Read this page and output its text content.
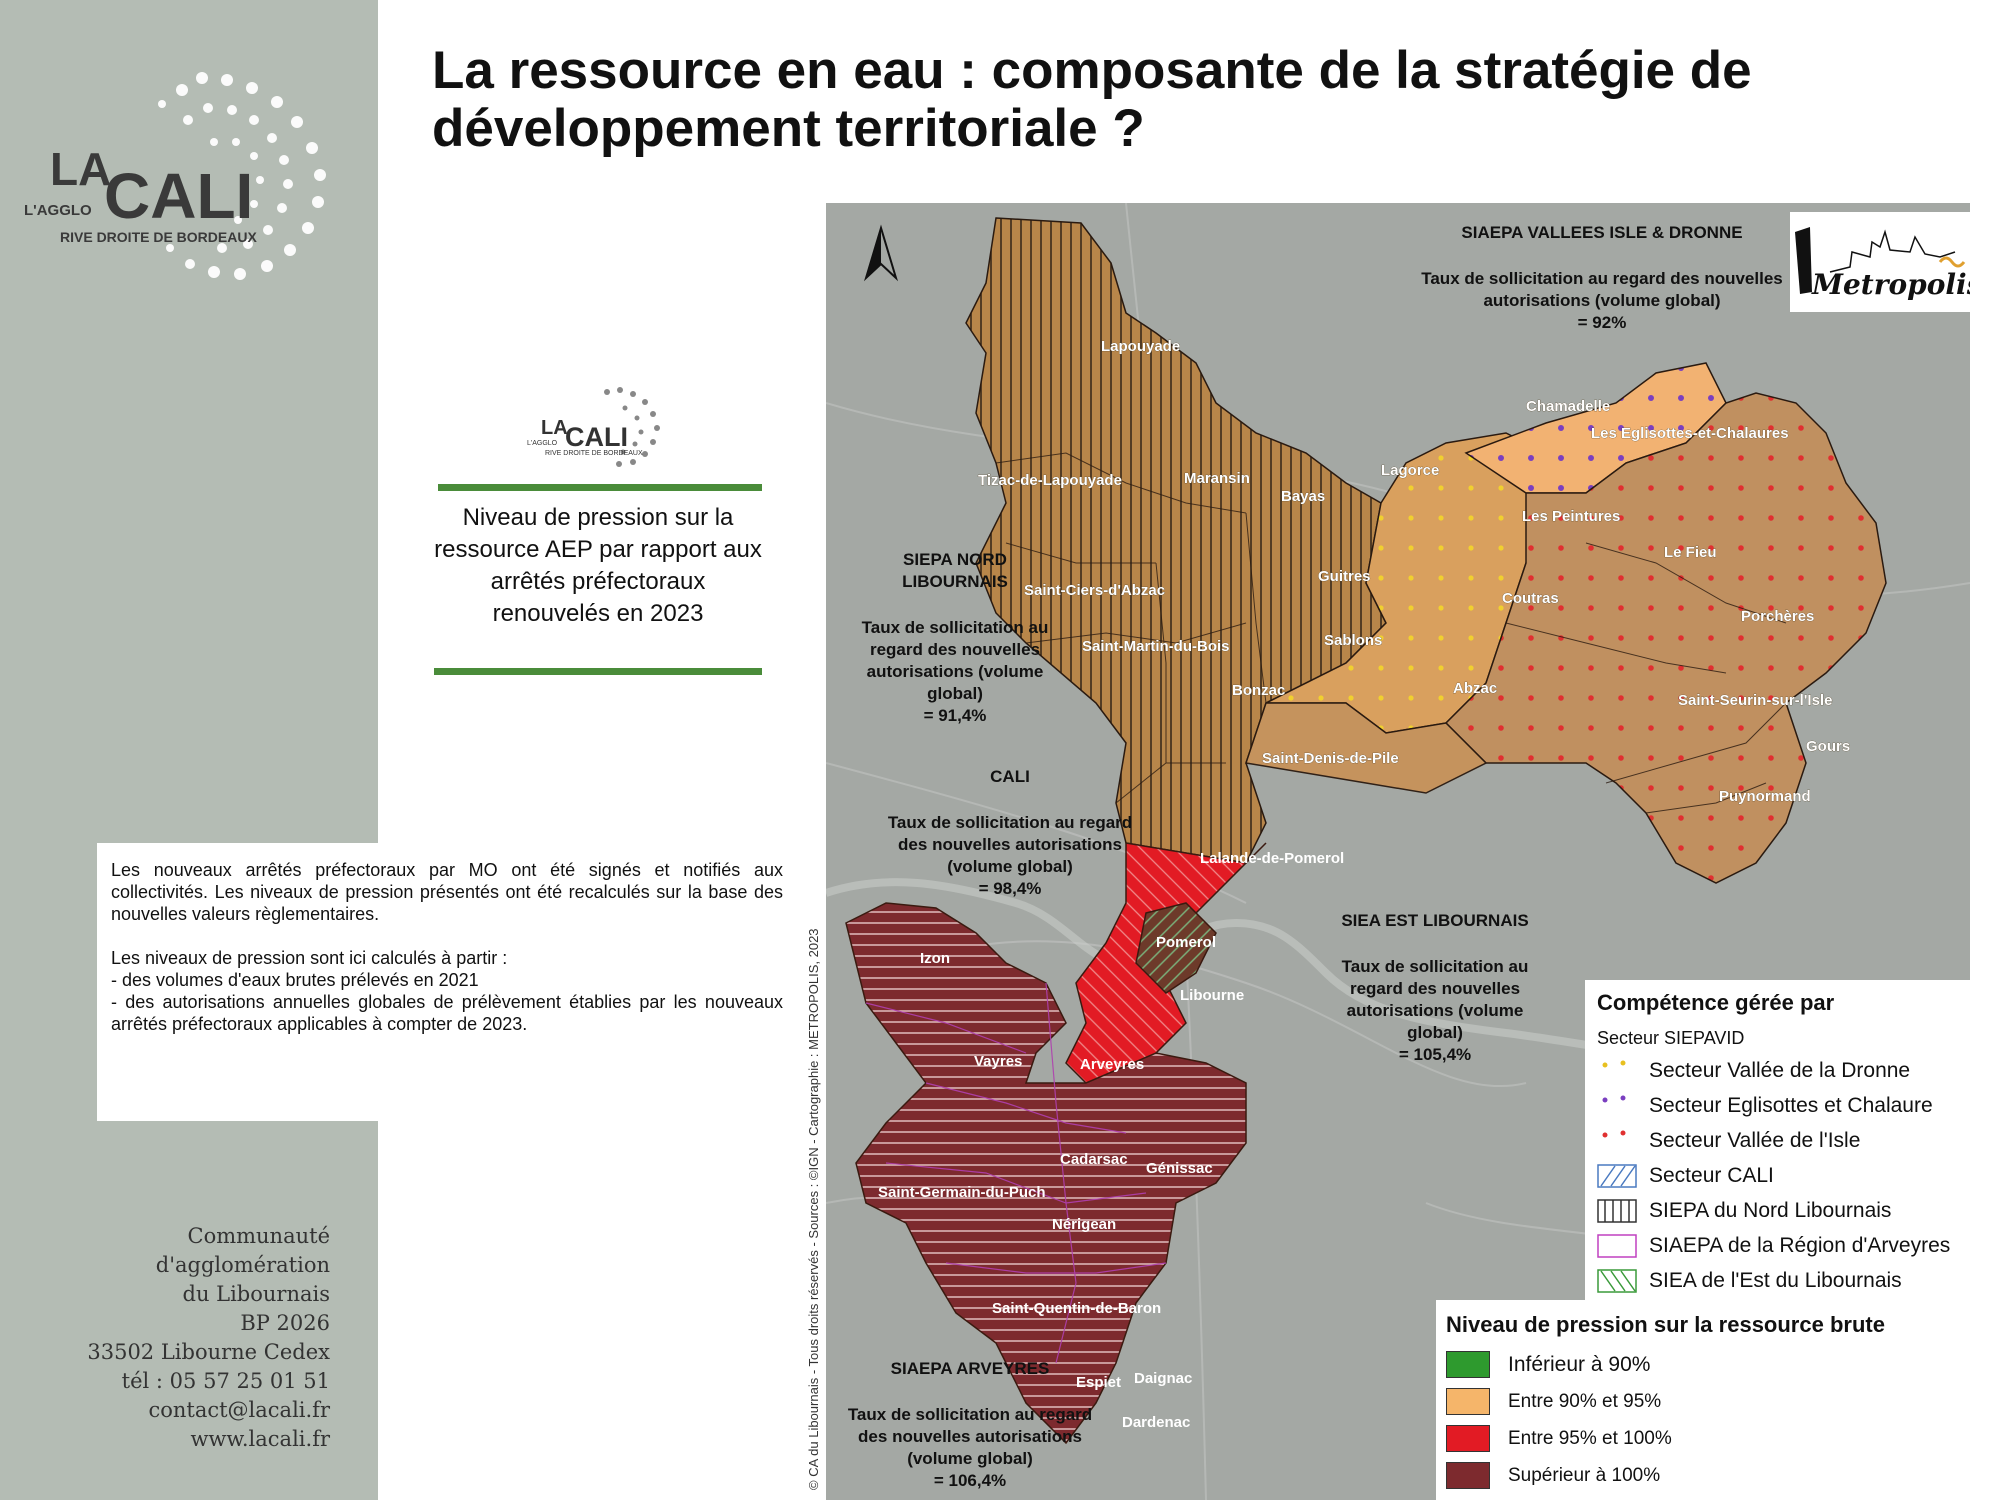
LA
L'AGGLO CALI
RIVE DROITE DE BORDEAUX
Communauté
d'agglomération
du Libournais
BP 2026
33502 Libourne Cedex
tél : 05 57 25 01 51
contact@lacali.fr
www.lacali.fr
La ressource en eau : composante de la stratégie de développement territoriale ?
LA
L'AGGLO CALI
RIVE DROITE DE BORDEAUX
Niveau de pression sur la ressource AEP par rapport aux arrêtés préfectoraux renouvelés en 2023

Les nouveaux arrêtés préfectoraux par MO ont été signés et notifiés aux collectivités. Les niveaux de pression présentés ont été recalculés sur la base des nouvelles valeurs règlementaires.

Les niveaux de pression sont ici calculés à partir :

- des volumes d'eaux brutes prélevés en 2021

- des autorisations annuelles globales de prélèvement établies par les nouveaux arrêtés préfectoraux applicables à compter de 2023.	© CA du Libournais - Tous droits réservés - Sources : ©IGN - Cartographie : METROPOLIS, 2023
Lapouyade
Tizac-de-Lapouyade	Maransin
Bayas
Lagorce
Chamadelle
Les Eglisottes-et-Chalaures
Les Peintures
Le Fieu
Coutras
Porchères
Guitres
Sablons
Saint-Ciers-d'Abzac
Saint-Martin-du-Bois
Bonzac	Abzac
Saint-Seurin-sur-l'Isle
Gours
Puynormand
Saint-Denis-de-Pile
Lalande-de-Pomerol
Pomerol
Libourne
Izon
Vayres	Arveyres
Cadarsac
Génissac
Saint-Germain-du-Puch
Nérigean
Saint-Quentin-de-Baron
Espiet Daignac
Dardenac
Metropolis
SIAEPA VALLEES ISLE & DRONNE
Taux de sollicitation au regard des nouvelles autorisations (volume global)
= 92%
SIEPA NORD LIBOURNAIS
Taux de sollicitation au regard des nouvelles autorisations (volume global)
= 91,4%
CALI
Taux de sollicitation au regard des nouvelles autorisations (volume global)
= 98,4%
SIEA EST LIBOURNAIS
Taux de sollicitation au regard des nouvelles autorisations (volume global)
= 105,4%
SIAEPA ARVEYRES
Taux de sollicitation au regard des nouvelles autorisations (volume global)
= 106,4%
Compétence gérée par
Secteur SIEPAVID
Secteur Vallée de la Dronne
Secteur Eglisottes et Chalaure
Secteur Vallée de l'Isle
Secteur CALI
SIEPA du Nord Libournais
SIAEPA de la Région d'Arveyres
SIEA de l'Est du Libournais
Niveau de pression sur la ressource brute
Inférieur à 90%
Entre 90% et 95%
Entre 95% et 100%
Supérieur à 100%
